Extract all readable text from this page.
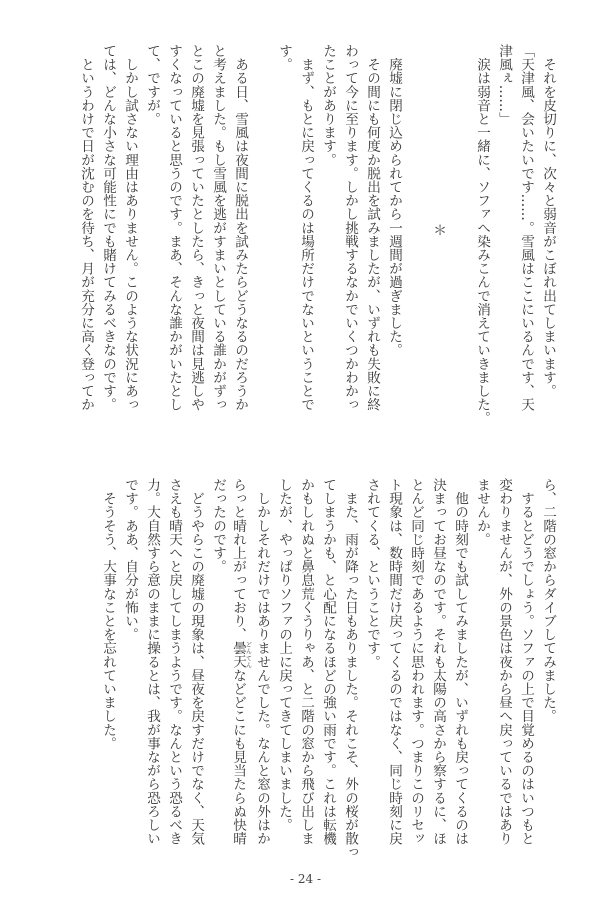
　それを皮切りに、次々と弱音がこぼれ出てしまいます。
「天津風、会いたいです……。雪風はここにいるんです、天
津風ぇ……」
　涙は弱音と一緒に、ソファへ染みこんで消えていきました。
＊
　廃墟に閉じ込められてから一週間が過ぎました。
　その間にも何度か脱出を試みましたが、いずれも失敗に終
わって今に至ります。しかし挑戦するなかでいくつかわかっ
たことがあります。
　まず、もとに戻ってくるのは場所だけでないということで
す。
　ある日、雪風は夜間に脱出を試みたらどうなるのだろうか
と考えました。もし雪風を逃がすまいとしている誰かがずっ
とこの廃墟を見張っていたとしたら、きっと夜間は見逃しや
すくなっていると思うのです。まあ、そんな誰かがいたとし
て、ですが。
　しかし試さない理由はありません。このような状況にあっ
ては、どんな小さな可能性にでも賭けてみるべきなのです。
　というわけで日が沈むのを待ち、月が充分に高く登ってか
ら、二階の窓からダイブしてみました。
　するとどうでしょう。ソファの上で目覚めるのはいつもと
変わりませんが、外の景色は夜から昼へ戻っているではあり
ませんか。
　他の時刻でも試してみましたが、いずれも戻ってくるのは
決まってお昼なのです。それも太陽の高さから察するに、ほ
とんど同じ時刻であるように思われます。つまりこのリセッ
ト現象は、数時間だけ戻ってくるのではなく、同じ時刻に戻
されてくる、ということです。
　また、雨が降った日もありました。それこそ、外の桜が散っ
てしまうかも、と心配になるほどの強い雨です。これは転機
かもしれぬと鼻息荒くうりゃあ、と二階の窓から飛び出しま
したが、やっぱりソファの上に戻ってきてしまいました。
　しかしそれだけではありませんでした。なんと窓の外はか
らっと晴れ上がっており、曇天どんてんなどどこにも見当たらぬ快晴
だったのです。
　どうやらこの廃墟の現象は、昼夜を戻すだけでなく、天気
さえも晴天へと戻してしまうようです。なんという恐るべき
力。大自然すら意のままに操るとは、我が事ながら恐ろしい
です。ああ、自分が怖い。
　そうそう、大事なことを忘れていました。
- 24 -
